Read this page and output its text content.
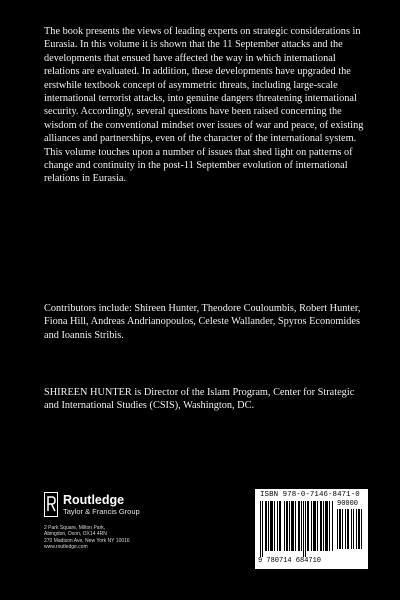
The book presents the views of leading experts on strategic considerations in Eurasia. In this volume it is shown that the 11 September attacks and the developments that ensued have affected the way in which international relations are evaluated. In addition, these developments have upgraded the erstwhile textbook concept of asymmetric threats, including large-scale international terrorist attacks, into genuine dangers threatening international security. Accordingly, several questions have been raised concerning the wisdom of the conventional mindset over issues of war and peace, of existing alliances and partnerships, even of the character of the international system. This volume touches upon a number of issues that shed light on patterns of change and continuity in the post-11 September evolution of international relations in Eurasia.

Contributors include: Shireen Hunter, Theodore Couloumbis, Robert Hunter, Fiona Hill, Andreas Andrianopoulos, Celeste Wallander, Spyros Economides and Ioannis Stribis.

SHIREEN HUNTER is Director of the Islam Program, Center for Strategic and International Studies (CSIS), Washington, DC.

Routledge
Taylor & Francis Group
2 Park Square, Milton Park,
Abingdon, Oxon, OX14 4RN
270 Madison Ave, New York NY 10016
www.routledge.com
ISBN 978-0-7146-8471-0
90000
9 780714 684710
